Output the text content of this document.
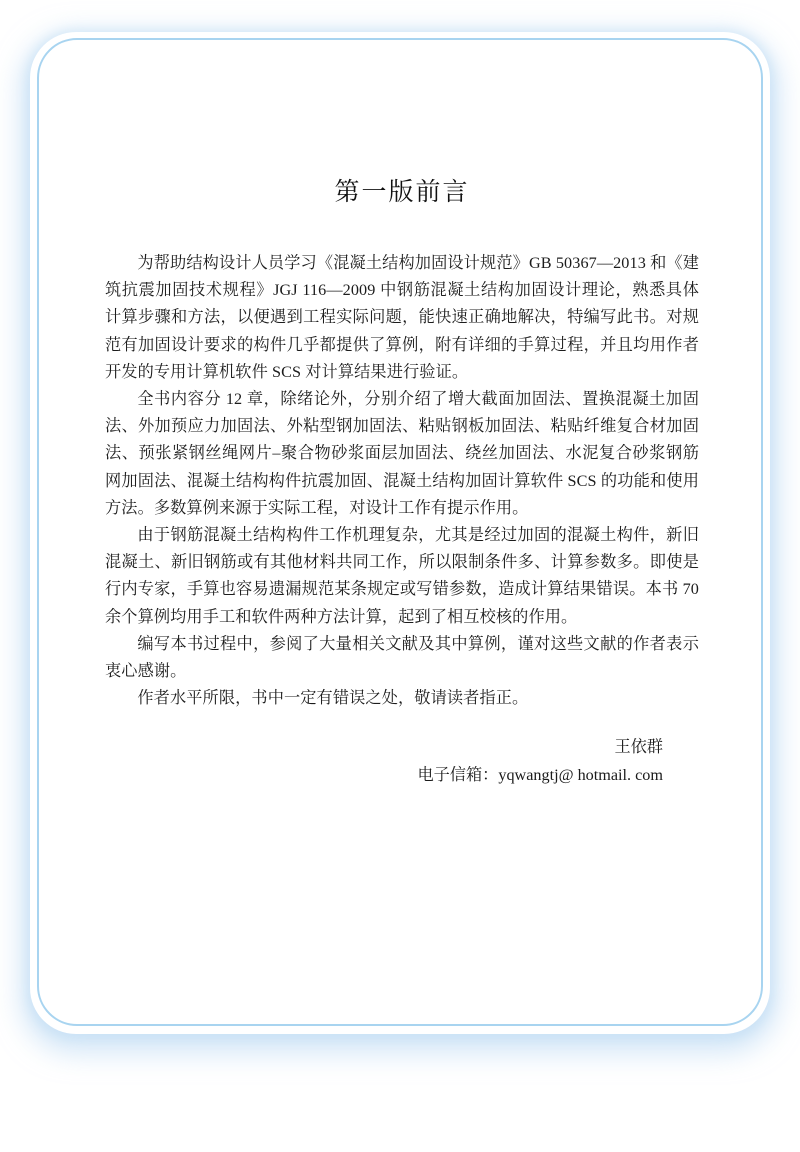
第一版前言

为帮助结构设计人员学习《混凝土结构加固设计规范》GB 50367—2013 和《建筑抗震加固技术规程》JGJ 116—2009 中钢筋混凝土结构加固设计理论，熟悉具体计算步骤和方法，以便遇到工程实际问题，能快速正确地解决，特编写此书。对规范有加固设计要求的构件几乎都提供了算例，附有详细的手算过程，并且均用作者开发的专用计算机软件 SCS 对计算结果进行验证。

全书内容分 12 章，除绪论外，分别介绍了增大截面加固法、置换混凝土加固法、外加预应力加固法、外粘型钢加固法、粘贴钢板加固法、粘贴纤维复合材加固法、预张紧钢丝绳网片–聚合物砂浆面层加固法、绕丝加固法、水泥复合砂浆钢筋网加固法、混凝土结构构件抗震加固、混凝土结构加固计算软件 SCS 的功能和使用方法。多数算例来源于实际工程，对设计工作有提示作用。

由于钢筋混凝土结构构件工作机理复杂，尤其是经过加固的混凝土构件，新旧混凝土、新旧钢筋或有其他材料共同工作，所以限制条件多、计算参数多。即使是行内专家，手算也容易遗漏规范某条规定或写错参数，造成计算结果错误。本书 70 余个算例均用手工和软件两种方法计算，起到了相互校核的作用。

编写本书过程中，参阅了大量相关文献及其中算例，谨对这些文献的作者表示衷心感谢。

作者水平所限，书中一定有错误之处，敬请读者指正。

王依群

电子信箱：yqwangtj@ hotmail. com
